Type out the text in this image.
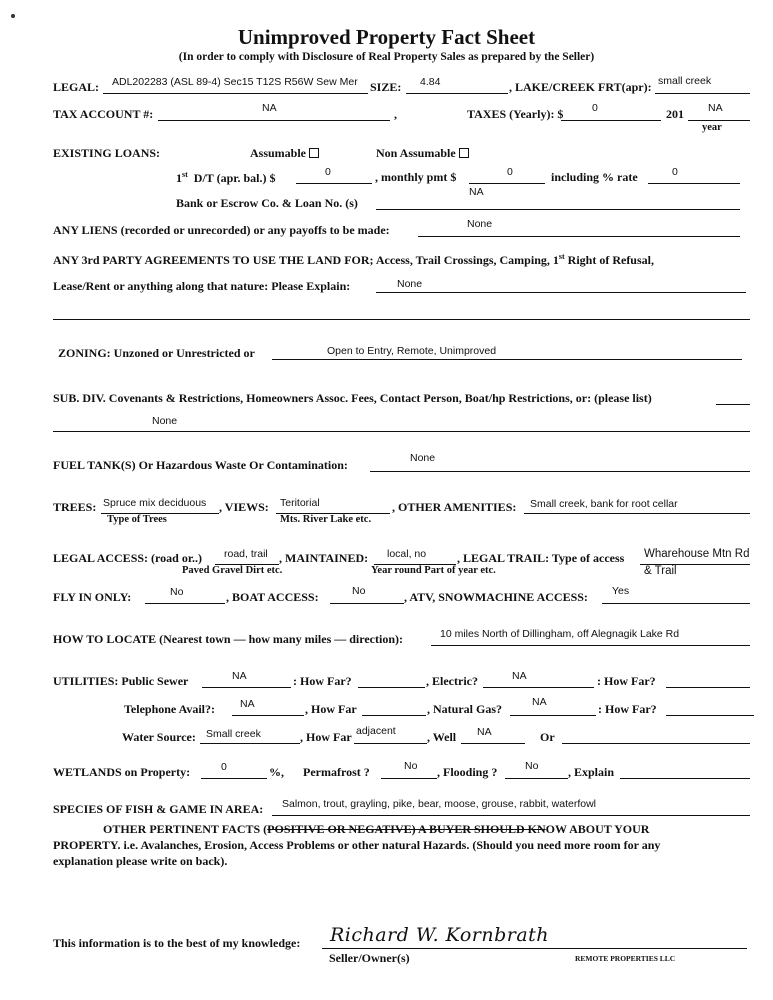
Unimproved Property Fact Sheet
(In order to comply with Disclosure of Real Property Sales as prepared by the Seller)
LEGAL: ADL202283 (ASL 89-4) Sec15 T12S R56W Sew Mer SIZE: 4.84	, LAKE/CREEK FRT(apr): small creek
TAX ACCOUNT #:	NA	,	TAXES (Yearly): $	0	201 NA
year
EXISTING LOANS:	Assumable	Non Assumable
1st D/T (apr. bal.) $	0	, monthly pmt $	0	including % rate	0
Bank or Escrow Co. & Loan No. (s)
NA
ANY LIENS (recorded or unrecorded) or any payoffs to be made:	None
ANY 3rd PARTY AGREEMENTS TO USE THE LAND FOR; Access, Trail Crossings, Camping, 1st Right of Refusal,
Lease/Rent or anything along that nature: Please Explain:	None
ZONING: Unzoned or Unrestricted or	Open to Entry, Remote, Unimproved
SUB. DIV. Covenants & Restrictions, Homeowners Assoc. Fees, Contact Person, Boat/hp Restrictions, or: (please list)
None
FUEL TANK(S) Or Hazardous Waste Or Contamination:	None
TREES: Spruce mix deciduous
Type of Trees
, VIEWS: Teritorial
Mts. River Lake etc.
, OTHER AMENITIES: Small creek, bank for root cellar
LEGAL ACCESS: (road or..) road, trail
Paved Gravel Dirt etc.
, MAINTAINED: local, no
Year round Part of year etc.
, LEGAL TRAIL: Type of access Wharehouse Mtn Rd
& Trail
FLY IN ONLY:	No	, BOAT ACCESS:	No	, ATV, SNOWMACHINE ACCESS: Yes
HOW TO LOCATE (Nearest town — how many miles — direction):	10 miles North of Dillingham, off Alegnagik Lake Rd
UTILITIES: Public Sewer	NA	: How Far?	, Electric?	NA	: How Far?
Telephone Avail?: NA	, How Far	, Natural Gas?	NA	: How Far?
Water Source: Small creek	, How Far adjacent	, Well NA	Or
WETLANDS on Property:	0	%, Permafrost ?	No , Flooding ?	No , Explain
SPECIES OF FISH & GAME IN AREA: Salmon, trout, grayling, pike, bear, moose, grouse, rabbit, waterfowl
OTHER PERTINENT FACTS (POSITIVE OR NEGATIVE) A BUYER SHOULD KNOW ABOUT YOUR
PROPERTY. i.e. Avalanches, Erosion, Access Problems or other natural Hazards. (Should you need more room for any
explanation please write on back).
This information is to the best of my knowledge: Richard W. Kornbrath
Seller/Owner(s)	REMOTE PROPERTIES LLC
